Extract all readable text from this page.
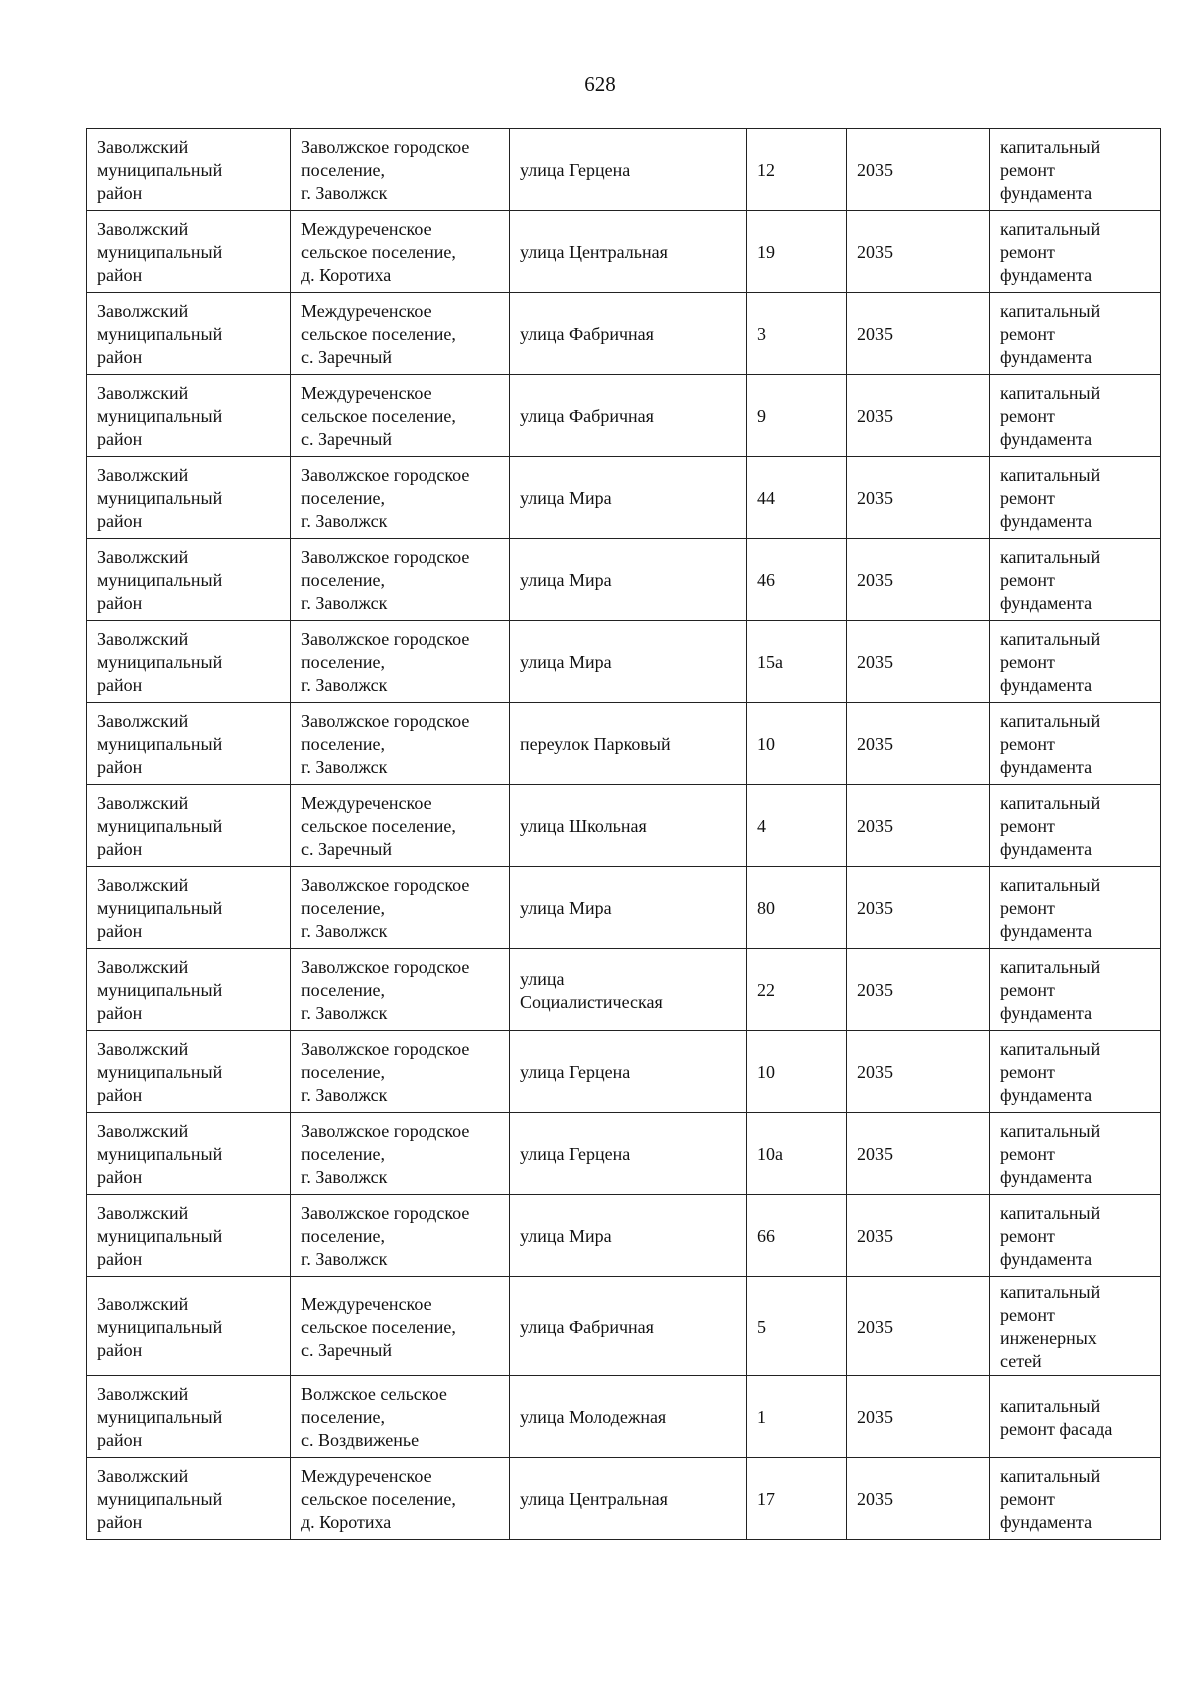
628
Заволжский
муниципальный
район	Заволжское городское
поселение,
г. Заволжск	улица Герцена	12	2035	капитальный
ремонт
фундамента
Заволжский
муниципальный
район	Междуреченское
сельское поселение,
д. Коротиха	улица Центральная	19	2035	капитальный
ремонт
фундамента
Заволжский
муниципальный
район	Междуреченское
сельское поселение,
с. Заречный	улица Фабричная	3	2035	капитальный
ремонт
фундамента
Заволжский
муниципальный
район	Междуреченское
сельское поселение,
с. Заречный	улица Фабричная	9	2035	капитальный
ремонт
фундамента
Заволжский
муниципальный
район	Заволжское городское
поселение,
г. Заволжск	улица Мира	44	2035	капитальный
ремонт
фундамента
Заволжский
муниципальный
район	Заволжское городское
поселение,
г. Заволжск	улица Мира	46	2035	капитальный
ремонт
фундамента
Заволжский
муниципальный
район	Заволжское городское
поселение,
г. Заволжск	улица Мира	15а	2035	капитальный
ремонт
фундамента
Заволжский
муниципальный
район	Заволжское городское
поселение,
г. Заволжск	переулок Парковый	10	2035	капитальный
ремонт
фундамента
Заволжский
муниципальный
район	Междуреченское
сельское поселение,
с. Заречный	улица Школьная	4	2035	капитальный
ремонт
фундамента
Заволжский
муниципальный
район	Заволжское городское
поселение,
г. Заволжск	улица Мира	80	2035	капитальный
ремонт
фундамента
Заволжский
муниципальный
район	Заволжское городское
поселение,
г. Заволжск	улица
Социалистическая	22	2035	капитальный
ремонт
фундамента
Заволжский
муниципальный
район	Заволжское городское
поселение,
г. Заволжск	улица Герцена	10	2035	капитальный
ремонт
фундамента
Заволжский
муниципальный
район	Заволжское городское
поселение,
г. Заволжск	улица Герцена	10а	2035	капитальный
ремонт
фундамента
Заволжский
муниципальный
район	Заволжское городское
поселение,
г. Заволжск	улица Мира	66	2035	капитальный
ремонт
фундамента
Заволжский
муниципальный
район	Междуреченское
сельское поселение,
с. Заречный	улица Фабричная	5	2035	капитальный
ремонт
инженерных
сетей
Заволжский
муниципальный
район	Волжское сельское
поселение,
с. Воздвиженье	улица Молодежная	1	2035	капитальный
ремонт фасада
Заволжский
муниципальный
район	Междуреченское
сельское поселение,
д. Коротиха	улица Центральная	17	2035	капитальный
ремонт
фундамента
